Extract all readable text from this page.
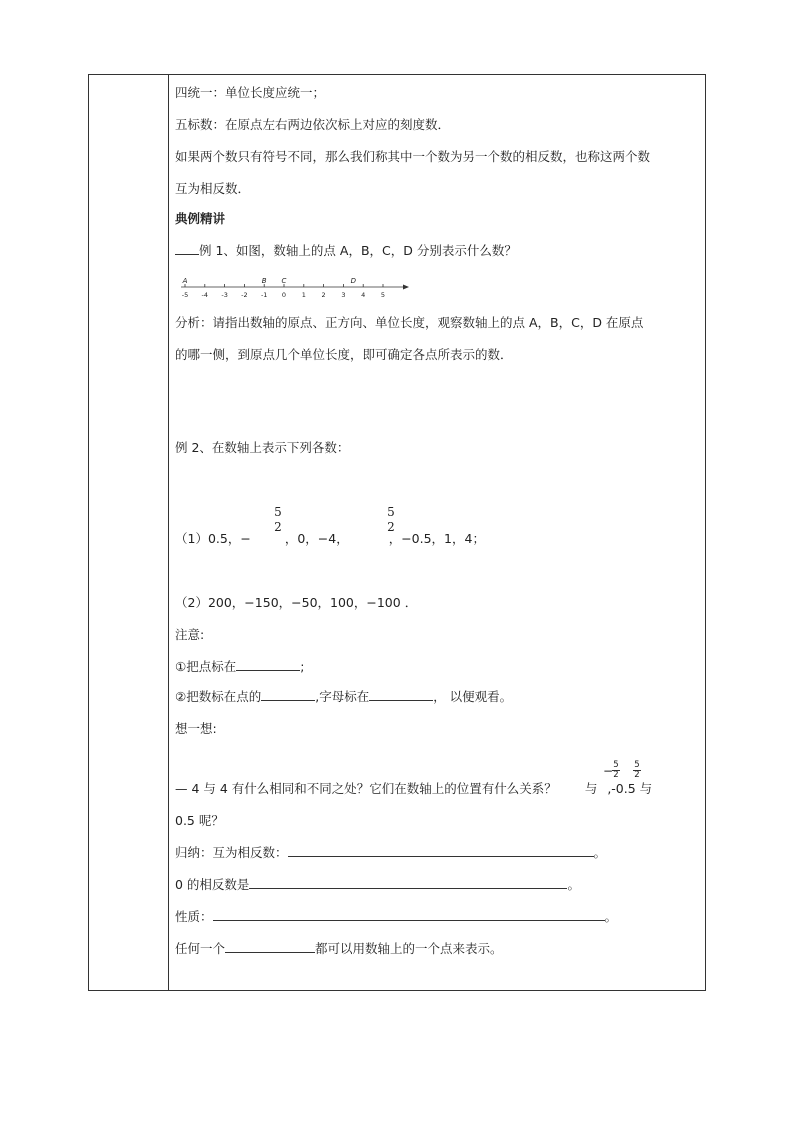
四统一：单位长度应统一；
五标数：在原点左右两边依次标上对应的刻度数．
如果两个数只有符号不同，那么我们称其中一个数为另一个数的相反数，也称这两个数
互为相反数．
典例精讲
例 1、如图，数轴上的点 A，B，C，D 分别表示什么数？
A	B C	D
-5 -4 -3 -2 -1 0 1 2 3 4 5
分析：请指出数轴的原点、正方向、单位长度，观察数轴上的点 A，B，C，D 在原点
的哪一侧，到原点几个单位长度，即可确定各点所表示的数．
例 2、在数轴上表示下列各数：
（1）0.5，−	，0，−4，	，−0.5，1，4；
5
2
5
2
（2）200，−150，−50，100，−100 ．
注意:
①把点标在	;
②把数标在点的	,字母标在	， 以便观看。
想一想:
— 4 与 4 有什么相同和不同之处？它们在数轴上的位置有什么关系？ 与 ,-0.5 与
− 5
2
5
2
0.5 呢？
归纳：互为相反数：	。
0 的相反数是	。
性质：	。
任何一个	都可以用数轴上的一个点来表示。
